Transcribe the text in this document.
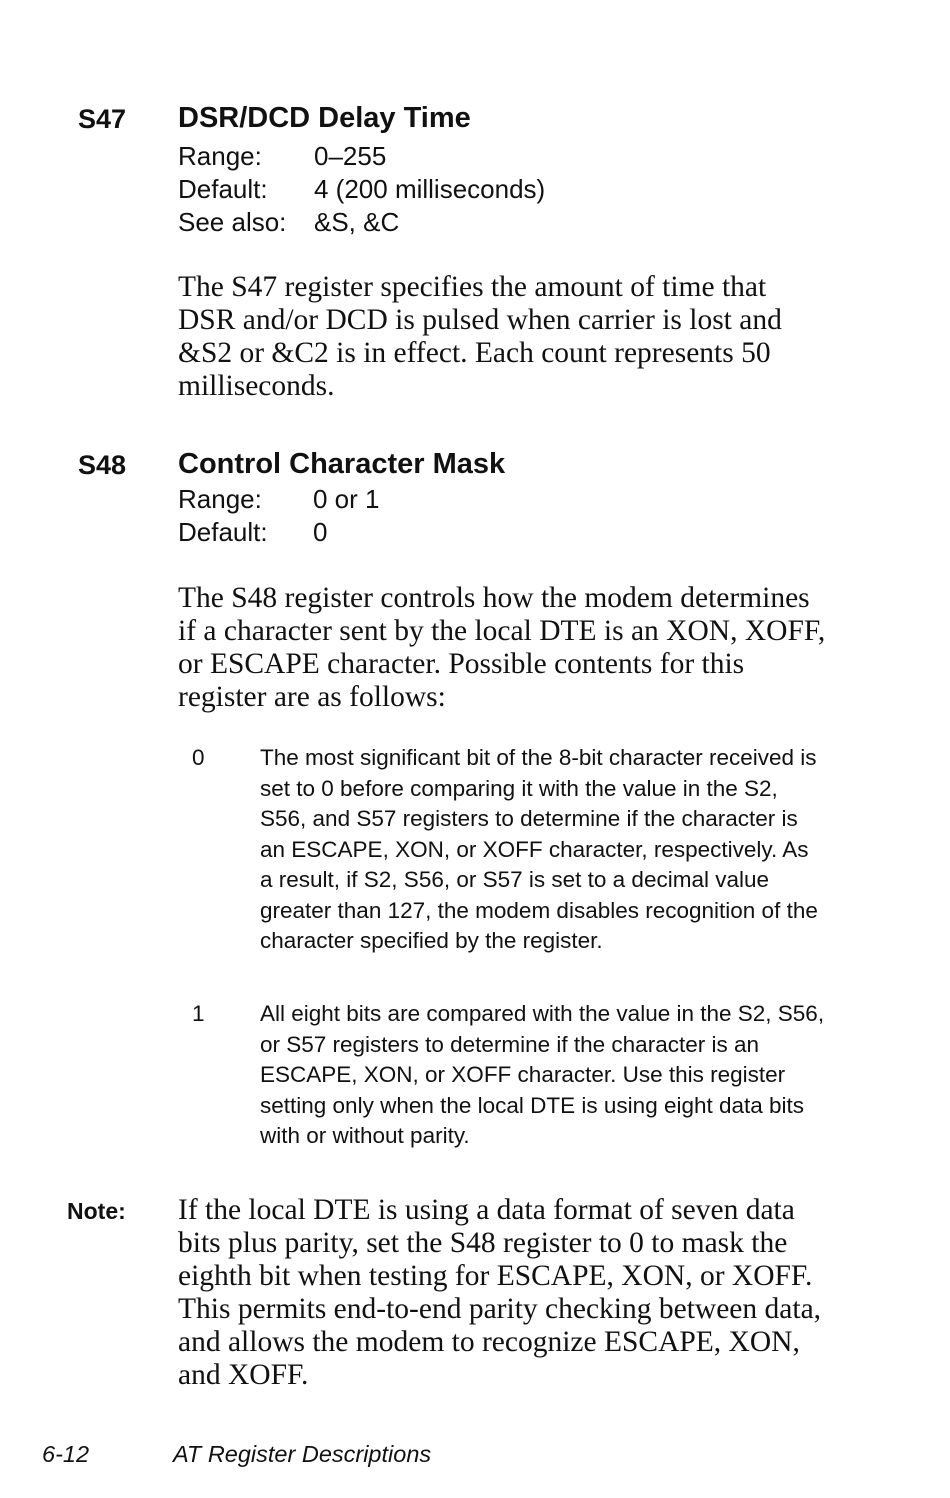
S47 DSR/DCD Delay Time
Range:	0–255
Default:	4 (200 milliseconds)
See also:	&S, &C
The S47 register specifies the amount of time that DSR and/or DCD is pulsed when carrier is lost and &S2 or &C2 is in effect. Each count represents 50 milliseconds.
S48 Control Character Mask
Range:	0 or 1
Default:	0
The S48 register controls how the modem determines if a character sent by the local DTE is an XON, XOFF, or ESCAPE character. Possible contents for this register are as follows:
0 The most significant bit of the 8-bit character received is set to 0 before comparing it with the value in the S2, S56, and S57 registers to determine if the character is an ESCAPE, XON, or XOFF character, respectively. As a result, if S2, S56, or S57 is set to a decimal value greater than 127, the modem disables recognition of the character specified by the register.
1 All eight bits are compared with the value in the S2, S56, or S57 registers to determine if the character is an ESCAPE, XON, or XOFF character. Use this register setting only when the local DTE is using eight data bits with or without parity.
Note: If the local DTE is using a data format of seven data bits plus parity, set the S48 register to 0 to mask the eighth bit when testing for ESCAPE, XON, or XOFF. This permits end-to-end parity checking between data, and allows the modem to recognize ESCAPE, XON, and XOFF.
6-12	AT Register Descriptions
